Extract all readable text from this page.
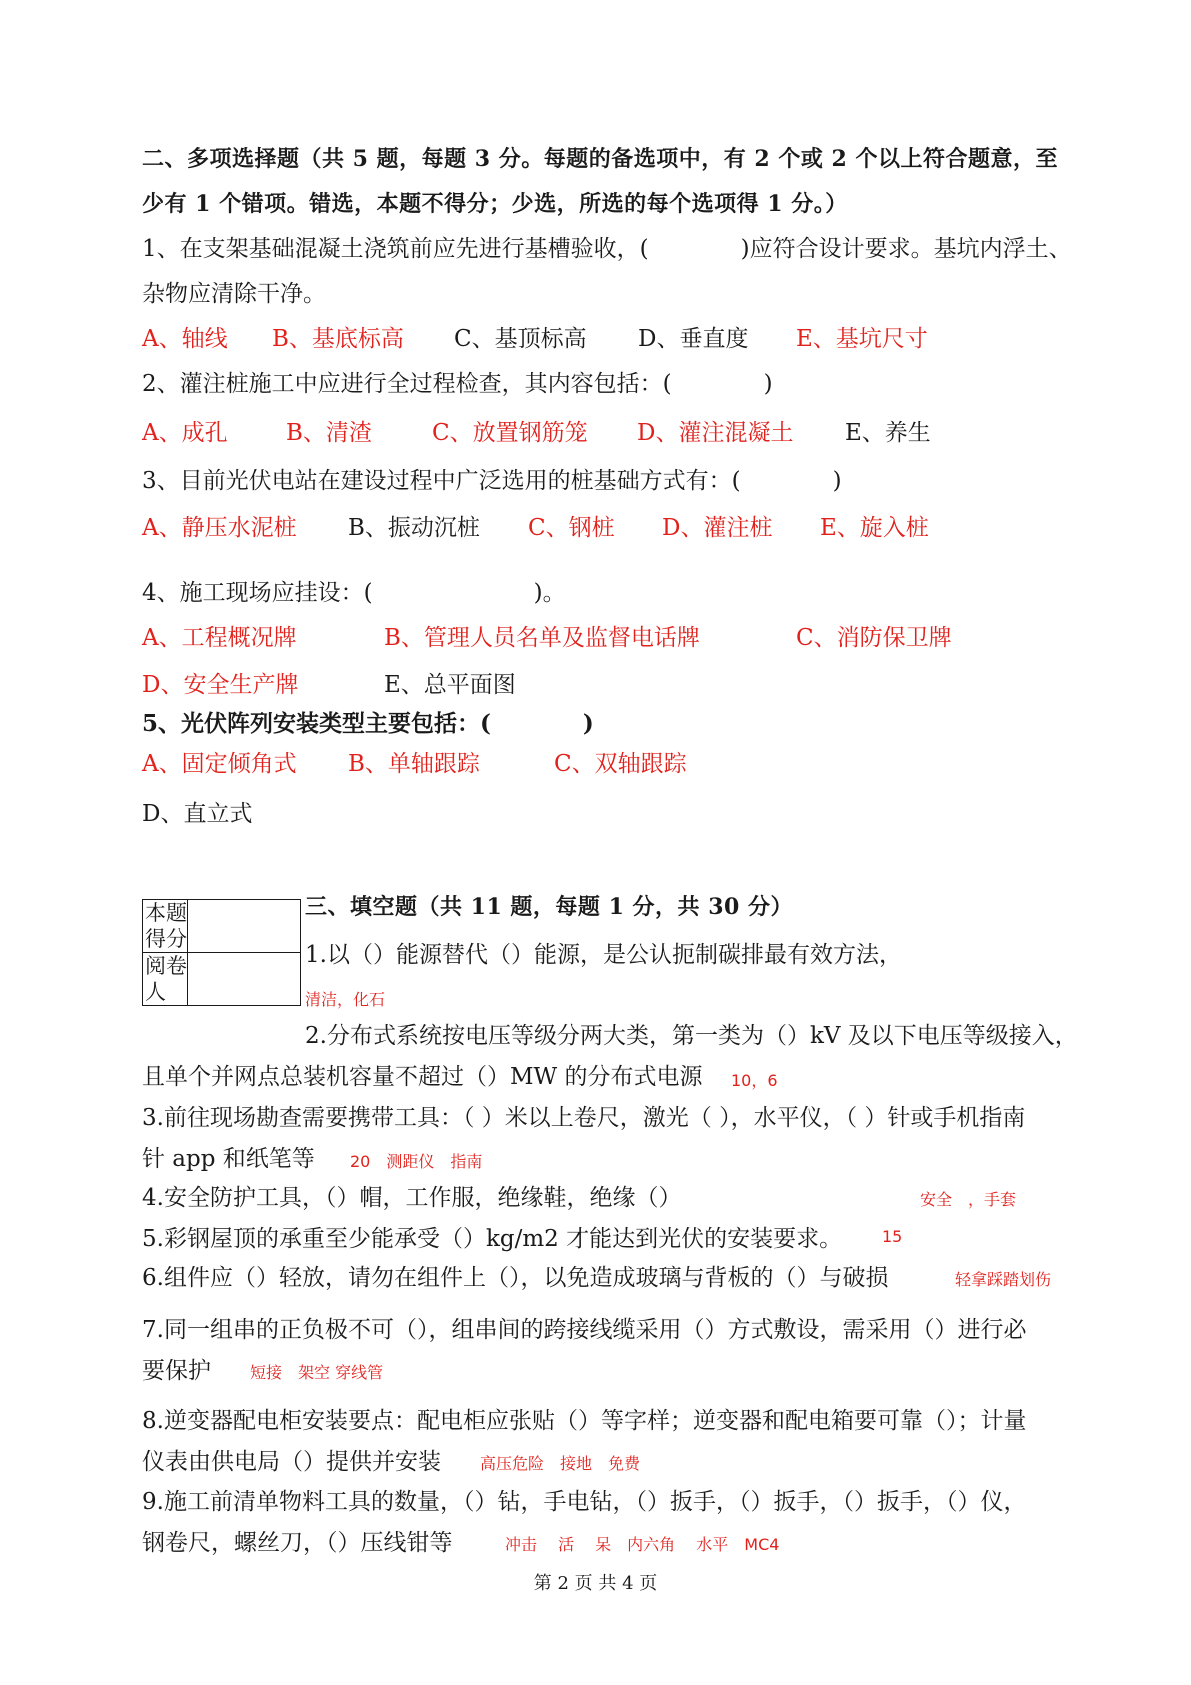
二、多项选择题（共 5 题，每题 3 分。每题的备选项中，有 2 个或 2 个以上符合题意，至
少有 1 个错项。错选，本题不得分；少选，所选的每个选项得 1 分。）
1、在支架基础混凝土浇筑前应先进行基槽验收，(　　　　)应符合设计要求。基坑内浮土、
杂物应清除干净。
A、轴线 B、基底标高 C、基顶标高 D、垂直度 E、基坑尺寸
2、灌注桩施工中应进行全过程检查，其内容包括：(　　　　)
A、成孔	B、清渣	C、放置钢筋笼 D、灌注混凝土 E、养生
3、目前光伏电站在建设过程中广泛选用的桩基础方式有：(　　　　)
A、静压水泥桩 B、振动沉桩 C、钢桩 D、灌注桩 E、旋入桩
4、施工现场应挂设：(　　　　　　　)。
A、工程概况牌	B、管理人员名单及监督电话牌	C、消防保卫牌
D、安全生产牌	E、总平面图
5、光伏阵列安装类型主要包括：(　　　　)
A、固定倾角式 B、单轴跟踪	C、双轴跟踪
D、直立式
本题得分	
阅卷人	
三、填空题（共 11 题，每题 1 分，共 30 分）
1.以（）能源替代（）能源，是公认扼制碳排最有效方法，
清洁，化石
2.分布式系统按电压等级分两大类，第一类为（）kV 及以下电压等级接入，
且单个并网点总装机容量不超过（）MW 的分布式电源 10，6
3.前往现场勘查需要携带工具：（ ）米以上卷尺，激光（ ），水平仪，（ ）针或手机指南
针 app 和纸笔等 20　测距仪　指南
4.安全防护工具，（）帽，工作服，绝缘鞋，绝缘（）	安全　，手套
5.彩钢屋顶的承重至少能承受（）kg/m2 才能达到光伏的安装要求。 15
6.组件应（）轻放，请勿在组件上（），以免造成玻璃与背板的（）与破损	轻拿踩踏划伤
7.同一组串的正负极不可（），组串间的跨接线缆采用（）方式敷设，需采用（）进行必
要保护 短接　架空 穿线管
8.逆变器配电柜安装要点：配电柜应张贴（）等字样；逆变器和配电箱要可靠（）；计量
仪表由供电局（）提供并安装 高压危险　接地　免费
9.施工前清单物料工具的数量，（）钻，手电钻，（）扳手，（）扳手，（）扳手，（）仪，
钢卷尺，螺丝刀，（）压线钳等	冲击　 活　 呆　内六角　 水平　MC4
第 2 页 共 4 页
